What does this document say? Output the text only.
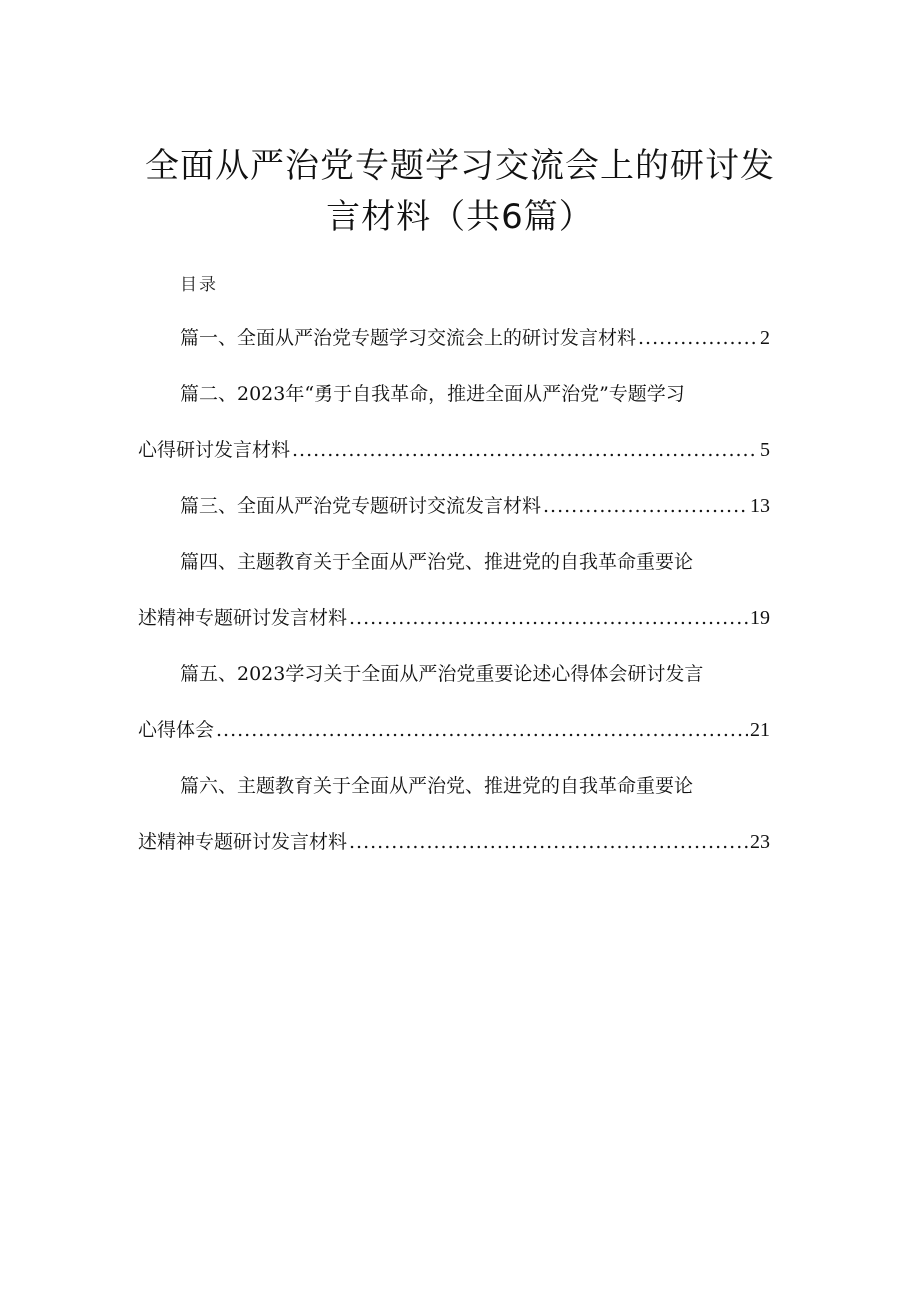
全面从严治党专题学习交流会上的研讨发
言材料（共6篇）
目录
篇一、全面从严治党专题学习交流会上的研讨发言材料 .....	2
篇二、2023年“勇于自我革命，推进全面从严治党”专题学习
心得研讨发言材料 .....	5
篇三、全面从严治党专题研讨交流发言材料 .....	13
篇四、主题教育关于全面从严治党、推进党的自我革命重要论
述精神专题研讨发言材料 .....	19
篇五、2023学习关于全面从严治党重要论述心得体会研讨发言
心得体会 .....	21
篇六、主题教育关于全面从严治党、推进党的自我革命重要论
述精神专题研讨发言材料 .....	23
